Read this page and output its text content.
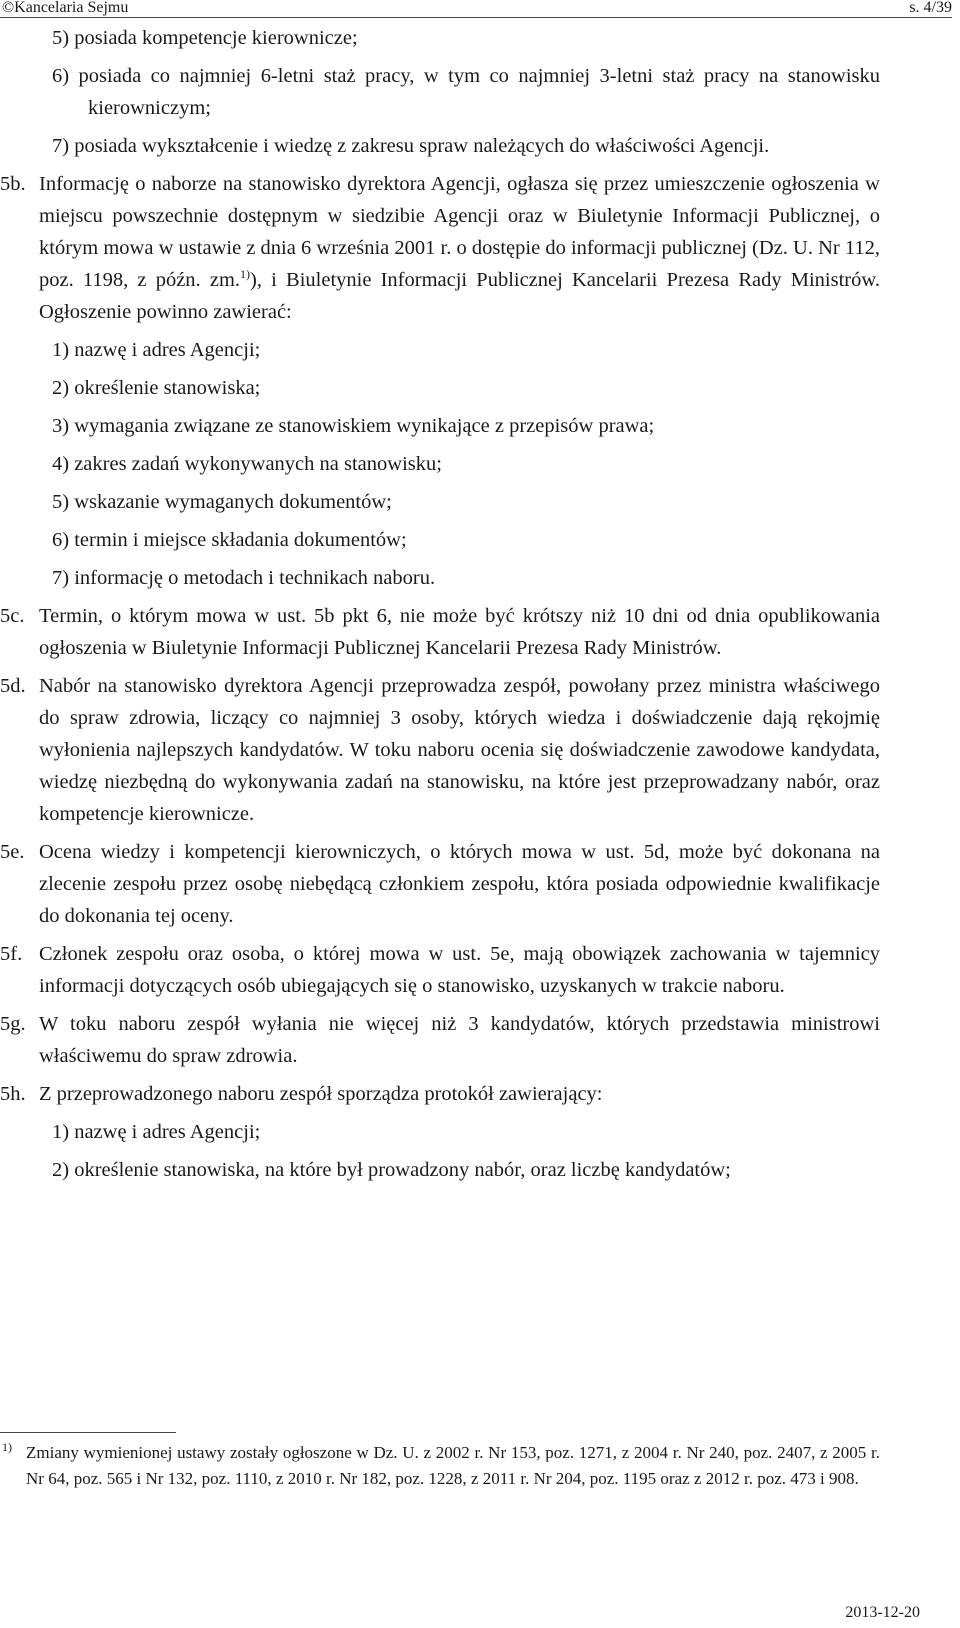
©Kancelaria Sejmu	s. 4/39

5) posiada kompetencje kierownicze;

6) posiada co najmniej 6-letni staż pracy, w tym co najmniej 3-letni staż pracy na stanowisku kierowniczym;

7) posiada wykształcenie i wiedzę z zakresu spraw należących do właściwości Agencji.

5b. Informację o naborze na stanowisko dyrektora Agencji, ogłasza się przez umieszczenie ogłoszenia w miejscu powszechnie dostępnym w siedzibie Agencji oraz w Biuletynie Informacji Publicznej, o którym mowa w ustawie z dnia 6 września 2001 r. o dostępie do informacji publicznej (Dz. U. Nr 112, poz. 1198, z późn. zm.$^{1)}$), i Biuletynie Informacji Publicznej Kancelarii Prezesa Rady Ministrów. Ogłoszenie powinno zawierać:

1) nazwę i adres Agencji;

2) określenie stanowiska;

3) wymagania związane ze stanowiskiem wynikające z przepisów prawa;

4) zakres zadań wykonywanych na stanowisku;

5) wskazanie wymaganych dokumentów;

6) termin i miejsce składania dokumentów;

7) informację o metodach i technikach naboru.

5c. Termin, o którym mowa w ust. 5b pkt 6, nie może być krótszy niż 10 dni od dnia opublikowania ogłoszenia w Biuletynie Informacji Publicznej Kancelarii Prezesa Rady Ministrów.

5d. Nabór na stanowisko dyrektora Agencji przeprowadza zespół, powołany przez ministra właściwego do spraw zdrowia, liczący co najmniej 3 osoby, których wiedza i doświadczenie dają rękojmię wyłonienia najlepszych kandydatów. W toku naboru ocenia się doświadczenie zawodowe kandydata, wiedzę niezbędną do wykonywania zadań na stanowisku, na które jest przeprowadzany nabór, oraz kompetencje kierownicze.

5e. Ocena wiedzy i kompetencji kierowniczych, o których mowa w ust. 5d, może być dokonana na zlecenie zespołu przez osobę niebędącą członkiem zespołu, która posiada odpowiednie kwalifikacje do dokonania tej oceny.

5f. Członek zespołu oraz osoba, o której mowa w ust. 5e, mają obowiązek zachowania w tajemnicy informacji dotyczących osób ubiegających się o stanowisko, uzyskanych w trakcie naboru.

5g. W toku naboru zespół wyłania nie więcej niż 3 kandydatów, których przedstawia ministrowi właściwemu do spraw zdrowia.

5h. Z przeprowadzonego naboru zespół sporządza protokół zawierający:

1) nazwę i adres Agencji;

2) określenie stanowiska, na które był prowadzony nabór, oraz liczbę kandydatów;

1) Zmiany wymienionej ustawy zostały ogłoszone w Dz. U. z 2002 r. Nr 153, poz. 1271, z 2004 r. Nr 240, poz. 2407, z 2005 r. Nr 64, poz. 565 i Nr 132, poz. 1110, z 2010 r. Nr 182, poz. 1228, z 2011 r. Nr 204, poz. 1195 oraz z 2012 r. poz. 473 i 908.
2013-12-20
